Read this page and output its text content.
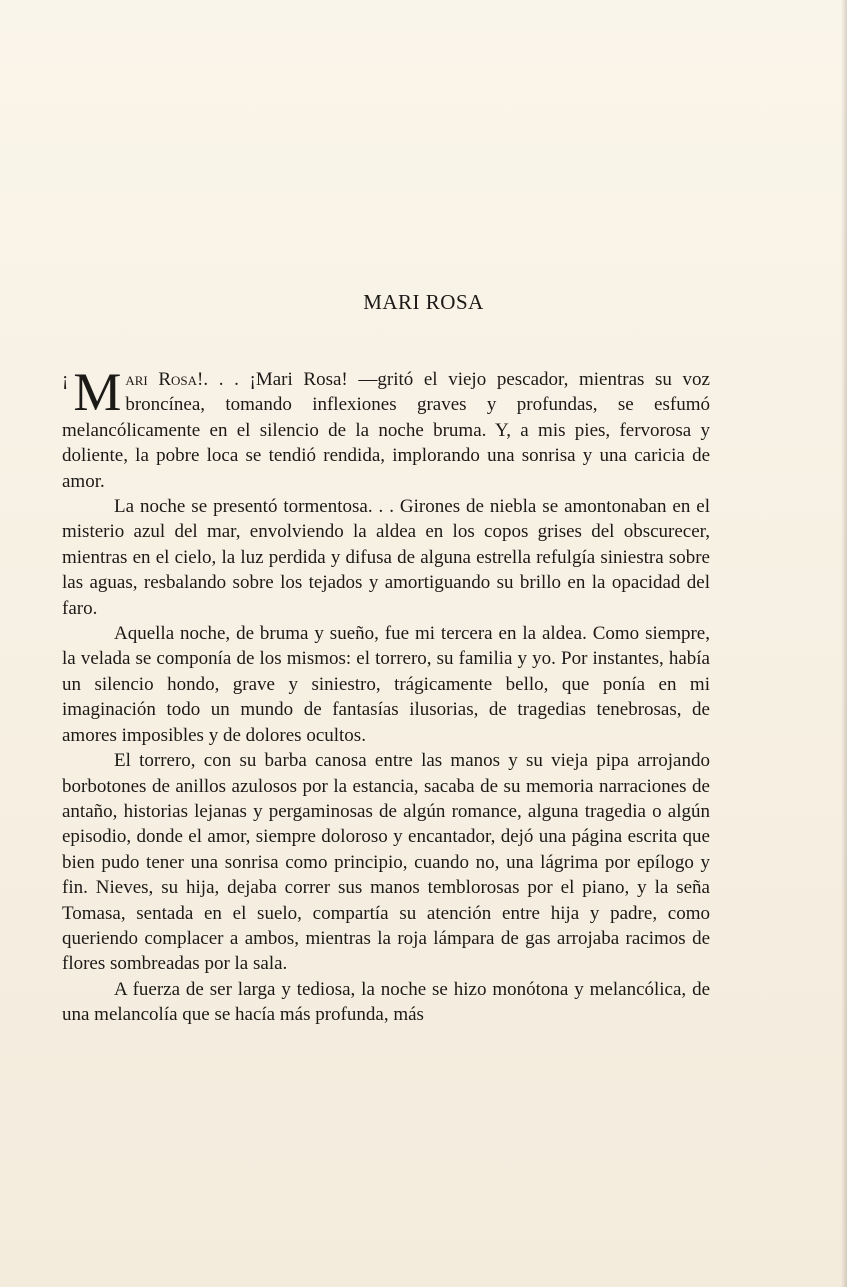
MARI ROSA

¡ M ari Rosa!. . . ¡Mari Rosa! —gritó el viejo pescador, mientras su voz broncínea, tomando inflexiones graves y profundas, se esfumó melancólicamente en el silencio de la noche bruma. Y, a mis pies, fervorosa y doliente, la pobre loca se tendió rendida, implorando una sonrisa y una caricia de amor.

La noche se presentó tormentosa. . . Girones de niebla se amontonaban en el misterio azul del mar, envolviendo la aldea en los copos grises del obscurecer, mientras en el cielo, la luz perdida y difusa de alguna estrella refulgía siniestra sobre las aguas, resbalando sobre los tejados y amortiguando su brillo en la opacidad del faro.

Aquella noche, de bruma y sueño, fue mi tercera en la aldea. Como siempre, la velada se componía de los mismos: el torrero, su familia y yo. Por instantes, había un silencio hondo, grave y siniestro, trágicamente bello, que ponía en mi imaginación todo un mundo de fantasías ilusorias, de tragedias tenebrosas, de amores imposibles y de dolores ocultos.

El torrero, con su barba canosa entre las manos y su vieja pipa arrojando borbotones de anillos azulosos por la estancia, sacaba de su memoria narraciones de antaño, historias lejanas y pergaminosas de algún romance, alguna tragedia o algún episodio, donde el amor, siempre doloroso y encantador, dejó una página escrita que bien pudo tener una sonrisa como principio, cuando no, una lágrima por epílogo y fin. Nieves, su hija, dejaba correr sus manos temblorosas por el piano, y la seña Tomasa, sentada en el suelo, compartía su atención entre hija y padre, como queriendo complacer a ambos, mientras la roja lámpara de gas arrojaba racimos de flores sombreadas por la sala.

A fuerza de ser larga y tediosa, la noche se hizo monótona y melancólica, de una melancolía que se hacía más profunda, más
